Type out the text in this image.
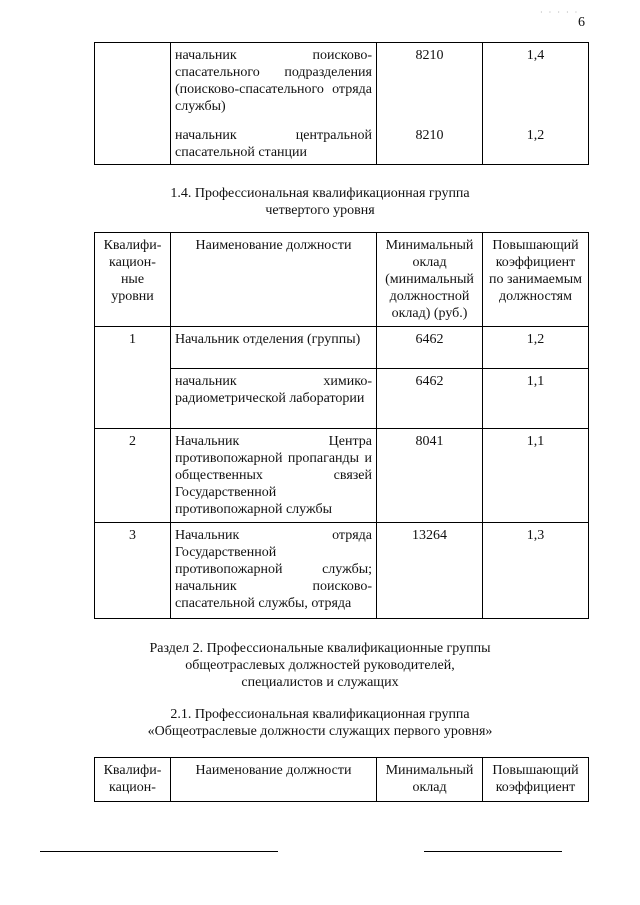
· · · · ·
6
	начальник поисково-спасательного подразделения (поисково-спасательного отряда службы)	8210	1,4
	начальник центральной спасательной станции	8210	1,2
1.4. Профессиональная квалификационная группа
четвертого уровня
Квалифи-кацион-ные уровни	Наименование должности	Минимальный оклад (минимальный должностной оклад) (руб.)	Повышающий коэффициент по занимаемым должностям
1	Начальник отделения (группы)	6462	1,2
	начальник химико-радиометрической лаборатории	6462	1,1
2	Начальник Центра противопожарной пропаганды и общественных связей Государственной противопожарной службы	8041	1,1
3	Начальник отряда Государственной противопожарной службы; начальник поисково-спасательной службы, отряда	13264	1,3
Раздел 2. Профессиональные квалификационные группы
общеотраслевых должностей руководителей,
специалистов и служащих
2.1. Профессиональная квалификационная группа
«Общеотраслевые должности служащих первого уровня»
Квалифи-кацион-	Наименование должности	Минимальный оклад	Повышающий коэффициент
